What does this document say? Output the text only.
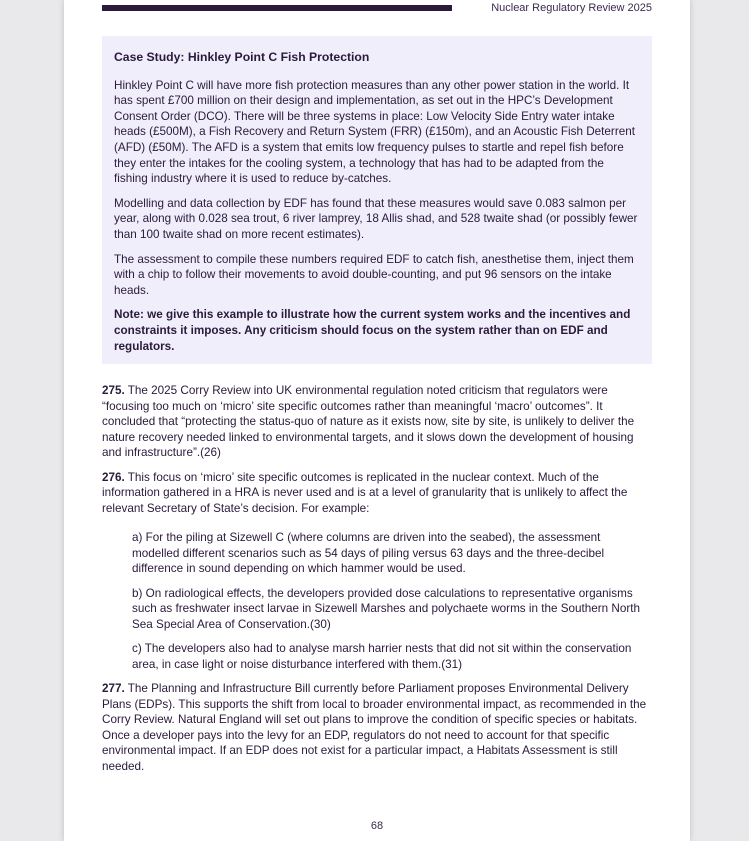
Nuclear Regulatory Review 2025
Case Study: Hinkley Point C Fish Protection

Hinkley Point C will have more fish protection measures than any other power station in the world. It has spent £700 million on their design and implementation, as set out in the HPC’s Development Consent Order (DCO). There will be three systems in place: Low Velocity Side Entry water intake heads (£500M), a Fish Recovery and Return System (FRR) (£150m), and an Acoustic Fish Deterrent (AFD) (£50M). The AFD is a system that emits low frequency pulses to startle and repel fish before they enter the intakes for the cooling system, a technology that has had to be adapted from the fishing industry where it is used to reduce by-catches.

Modelling and data collection by EDF has found that these measures would save 0.083 salmon per year, along with 0.028 sea trout, 6 river lamprey, 18 Allis shad, and 528 twaite shad (or possibly fewer than 100 twaite shad on more recent estimates).

The assessment to compile these numbers required EDF to catch fish, anesthetise them, inject them with a chip to follow their movements to avoid double-counting, and put 96 sensors on the intake heads.

Note: we give this example to illustrate how the current system works and the incentives and constraints it imposes. Any criticism should focus on the system rather than on EDF and regulators.

275. The 2025 Corry Review into UK environmental regulation noted criticism that regulators were “focusing too much on ‘micro’ site specific outcomes rather than meaningful ‘macro’ outcomes”. It concluded that “protecting the status-quo of nature as it exists now, site by site, is unlikely to deliver the nature recovery needed linked to environmental targets, and it slows down the development of housing and infrastructure”.(26)

276. This focus on ‘micro’ site specific outcomes is replicated in the nuclear context. Much of the information gathered in a HRA is never used and is at a level of granularity that is unlikely to affect the relevant Secretary of State’s decision. For example:

a) For the piling at Sizewell C (where columns are driven into the seabed), the assessment modelled different scenarios such as 54 days of piling versus 63 days and the three-decibel difference in sound depending on which hammer would be used.

b) On radiological effects, the developers provided dose calculations to representative organisms such as freshwater insect larvae in Sizewell Marshes and polychaete worms in the Southern North Sea Special Area of Conservation.(30)

c) The developers also had to analyse marsh harrier nests that did not sit within the conservation area, in case light or noise disturbance interfered with them.(31)

277. The Planning and Infrastructure Bill currently before Parliament proposes Environmental Delivery Plans (EDPs). This supports the shift from local to broader environmental impact, as recommended in the Corry Review. Natural England will set out plans to improve the condition of specific species or habitats. Once a developer pays into the levy for an EDP, regulators do not need to account for that specific environmental impact. If an EDP does not exist for a particular impact, a Habitats Assessment is still needed.

68
